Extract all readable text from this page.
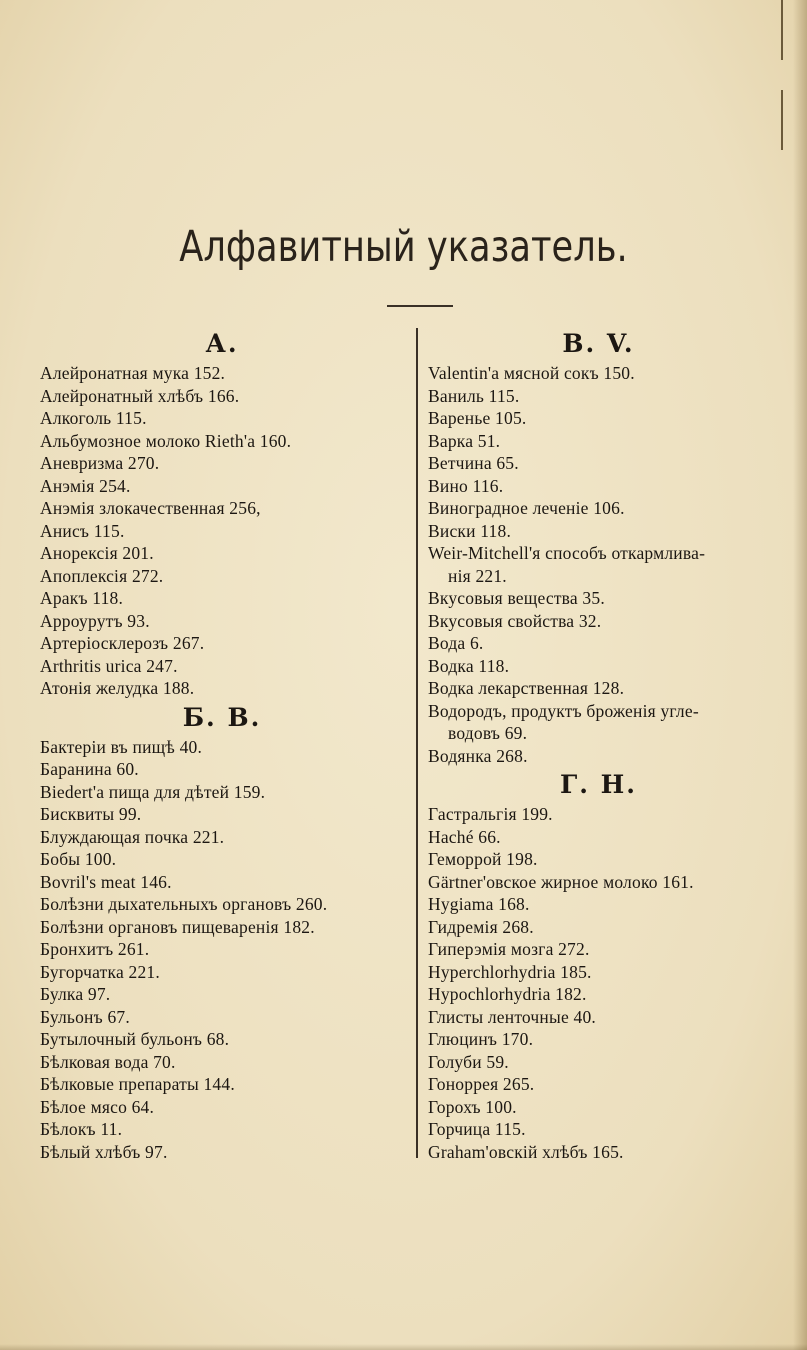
Алфавитный указатель.
А.
Алейронатная мука 152.
Алейронатный хлѣбъ 166.
Алкоголь 115.
Альбумозное молоко Rieth'a 160.
Аневризма 270.
Анэмія 254.
Анэмія злокачественная 256,
Анисъ 115.
Анорексія 201.
Апоплексія 272.
Аракъ 118.
Арроурутъ 93.
Артеріосклерозъ 267.
Arthritis urica 247.
Атонія желудка 188.
Б. В.
Бактеріи въ пищѣ 40.
Баранина 60.
Biedert'a пища для дѣтей 159.
Бисквиты 99.
Блуждающая почка 221.
Бобы 100.
Bovril's meat 146.
Болѣзни дыхательныхъ органовъ 260.
Болѣзни органовъ пищеваренія 182.
Бронхитъ 261.
Бугорчатка 221.
Булка 97.
Бульонъ 67.
Бутылочный бульонъ 68.
Бѣлковая вода 70.
Бѣлковые препараты 144.
Бѣлое мясо 64.
Бѣлокъ 11.
Бѣлый хлѣбъ 97.
В. V.
Valentin'a мясной сокъ 150.
Ваниль 115.
Варенье 105.
Варка 51.
Ветчина 65.
Вино 116.
Виноградное леченіе 106.
Виски 118.
Weir-Mitchell'я способъ откармлива-
нія 221.
Вкусовыя вещества 35.
Вкусовыя свойства 32.
Вода 6.
Водка 118.
Водка лекарственная 128.
Водородъ, продуктъ броженія угле-
водовъ 69.
Водянка 268.
Г. H.
Гастральгія 199.
Haché 66.
Геморрой 198.
Gärtner'овское жирное молоко 161.
Hygiama 168.
Гидремія 268.
Гиперэмія мозга 272.
Hyperchlorhydria 185.
Hypochlorhydria 182.
Глисты ленточные 40.
Глюцинъ 170.
Голуби 59.
Гоноррея 265.
Горохъ 100.
Горчица 115.
Graham'овскій хлѣбъ 165.
